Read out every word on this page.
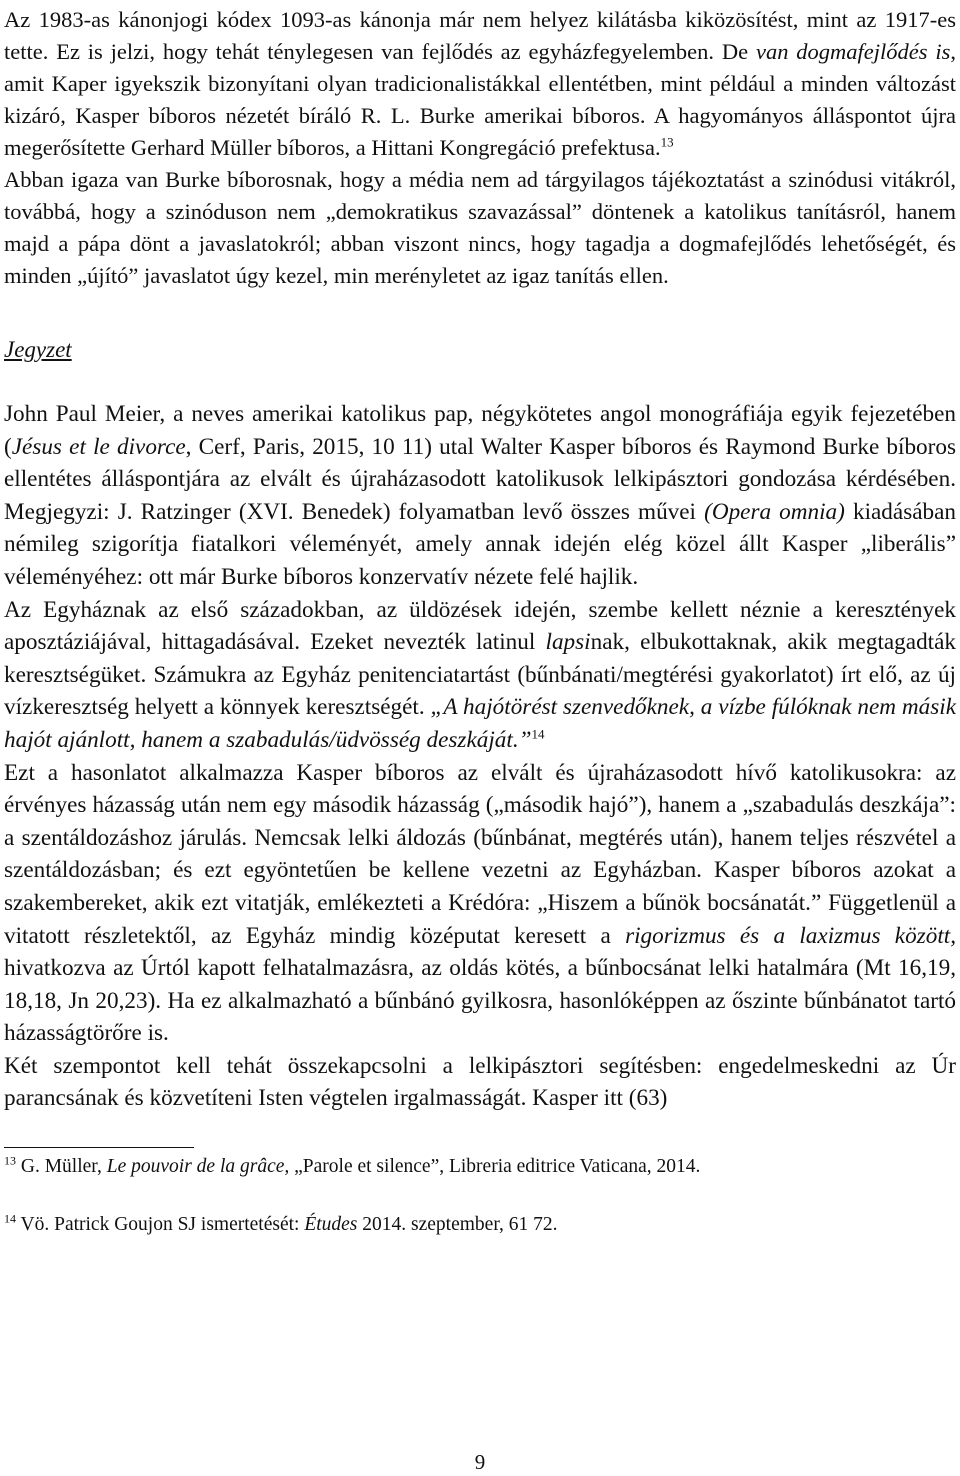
Az 1983-as kánonjogi kódex 1093-as kánonja már nem helyez kilátásba kiközösítést, mint az 1917-es tette. Ez is jelzi, hogy tehát ténylegesen van fejlődés az egyházfegyelemben. De van dogmafejlődés is, amit Kaper igyekszik bizonyítani olyan tradicionalistákkal ellentétben, mint például a minden változást kizáró, Kasper bíboros nézetét bíráló R. L. Burke amerikai bíboros. A hagyományos álláspontot újra megerősítette Gerhard Müller bíboros, a Hittani Kongregáció prefektusa.$^{13}$

Abban igaza van Burke bíborosnak, hogy a média nem ad tárgyilagos tájékoztatást a szinódusi vitákról, továbbá, hogy a szinóduson nem „demokratikus szavazással” döntenek a katolikus tanításról, hanem majd a pápa dönt a javaslatokról; abban viszont nincs, hogy tagadja a dogmafejlődés lehetőségét, és minden „újító” javaslatot úgy kezel, min merényletet az igaz tanítás ellen.

Jegyzet

John Paul Meier, a neves amerikai katolikus pap, négykötetes angol monográfiája egyik fejezetében (Jésus et le divorce, Cerf, Paris, 2015, 10 11) utal Walter Kasper bíboros és Raymond Burke bíboros ellentétes álláspontjára az elvált és újraházasodott katolikusok lelkipásztori gondozása kérdésében. Megjegyzi: J. Ratzinger (XVI. Benedek) folyamatban levő összes művei (Opera omnia) kiadásában némileg szigorítja fiatalkori véleményét, amely annak idején elég közel állt Kasper „liberális” véleményéhez: ott már Burke bíboros konzervatív nézete felé hajlik.

Az Egyháznak az első századokban, az üldözések idején, szembe kellett néznie a keresztények aposztáziájával, hittagadásával. Ezeket nevezték latinul lapsinak, elbukottaknak, akik megtagadták keresztségüket. Számukra az Egyház penitenciatartást (bűnbánati/megtérési gyakorlatot) írt elő, az új vízkeresztség helyett a könnyek keresztségét. „A hajótörést szenvedőknek, a vízbe fúlóknak nem másik hajót ajánlott, hanem a szabadulás/üdvösség deszkáját.”$^{14}$

Ezt a hasonlatot alkalmazza Kasper bíboros az elvált és újraházasodott hívő katolikusokra: az érvényes házasság után nem egy második házasság („második hajó”), hanem a „szabadulás deszkája”: a szentáldozáshoz járulás. Nemcsak lelki áldozás (bűnbánat, megtérés után), hanem teljes részvétel a szentáldozásban; és ezt egyöntetűen be kellene vezetni az Egyházban. Kasper bíboros azokat a szakembereket, akik ezt vitatják, emlékezteti a Krédóra: „Hiszem a bűnök bocsánatát.” Függetlenül a vitatott részletektől, az Egyház mindig középutat keresett a rigorizmus és a laxizmus között, hivatkozva az Úrtól kapott felhatalmazásra, az oldás kötés, a bűnbocsánat lelki hatalmára (Mt 16,19, 18,18, Jn 20,23). Ha ez alkalmazható a bűnbánó gyilkosra, hasonlóképpen az őszinte bűnbánatot tartó házasságtörőre is.

Két szempontot kell tehát összekapcsolni a lelkipásztori segítésben: engedelmeskedni az Úr parancsának és közvetíteni Isten végtelen irgalmasságát. Kasper itt (63)

$^{13}$ G. Müller, Le pouvoir de la grâce, „Parole et silence”, Libreria editrice Vaticana, 2014.

$^{14}$ Vö. Patrick Goujon SJ ismertetését: Études 2014. szeptember, 61 72.

9
